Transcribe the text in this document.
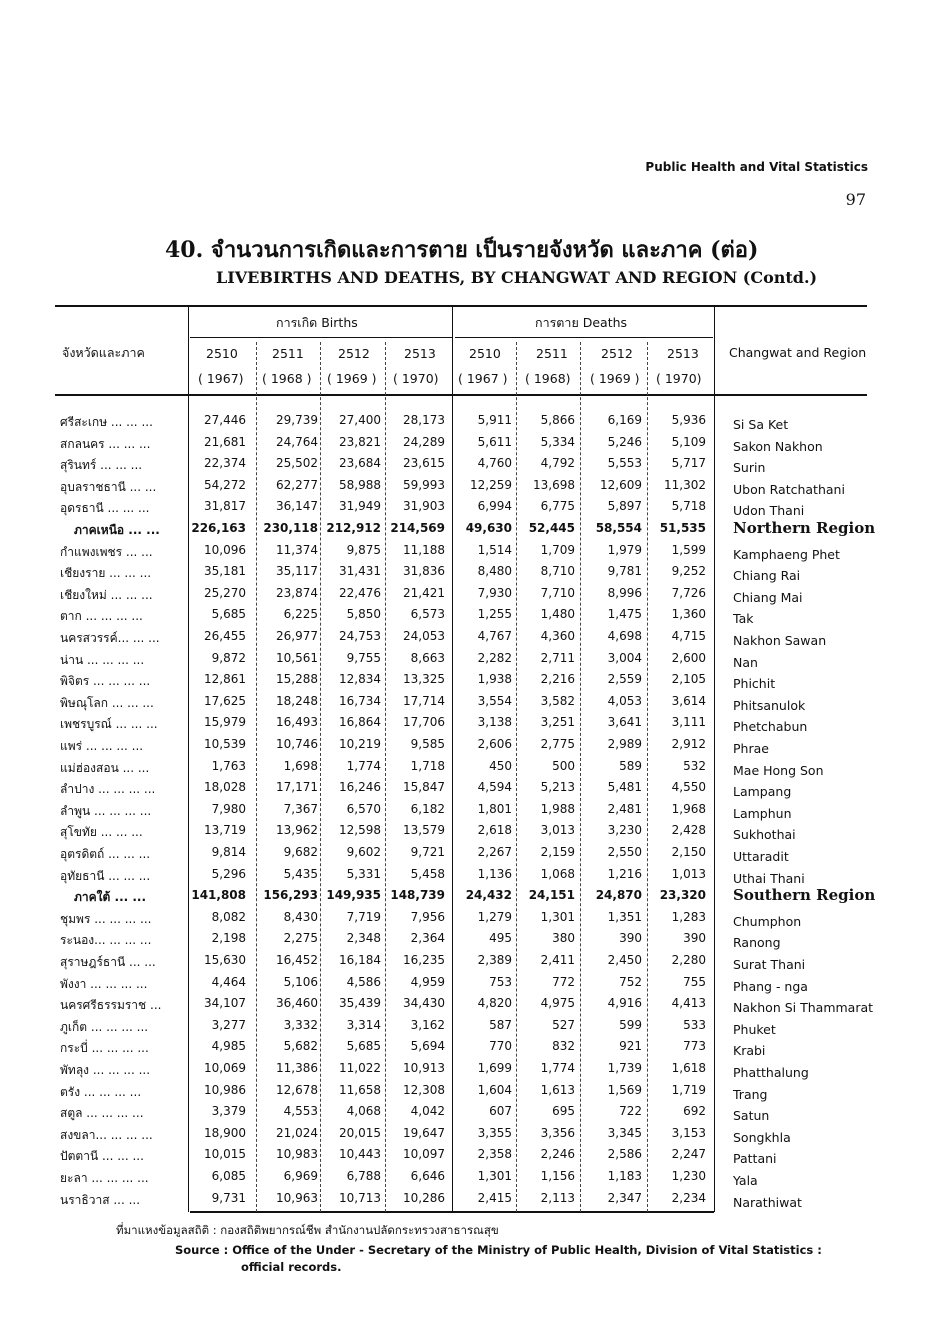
Public Health and Vital Statistics
97
40. จำนวนการเกิดและการตาย เป็นรายจังหวัด และภาค (ต่อ)
LIVEBIRTHS AND DEATHS, BY CHANGWAT AND REGION (Contd.)
จังหวัดและภาค
การเกิด Births	การตาย Deaths
Changwat and Region
2510	2511	2512	2513	2510	2511	2512	2513
( 1967) ( 1968 ) ( 1969 ) ( 1970) ( 1967 ) ( 1968) ( 1969 ) ( 1970)
ศรีสะเกษ ... ... ...	27,446	29,739	27,400	28,173	5,911	5,866	6,169	5,936 Si Sa Ket
สกลนคร ... ... ...	21,681	24,764	23,821	24,289	5,611	5,334	5,246	5,109 Sakon Nakhon
สุรินทร์ ... ... ...	22,374	25,502	23,684	23,615	4,760	4,792	5,553	5,717 Surin
อุบลราชธานี ... ...	54,272	62,277	58,988	59,993	12,259	13,698	12,609	11,302 Ubon Ratchathani
อุดรธานี ... ... ...	31,817	36,147	31,949	31,903	6,994	6,775	5,897	5,718 Udon Thani
ภาคเหนือ ... ...	226,163 230,118 212,912 214,569	49,630	52,445	58,554	51,535 Northern Region
กำแพงเพชร ... ...	10,096	11,374	9,875	11,188	1,514	1,709	1,979	1,599 Kamphaeng Phet
เชียงราย ... ... ...	35,181	35,117	31,431	31,836	8,480	8,710	9,781	9,252 Chiang Rai
เชียงใหม่ ... ... ...	25,270	23,874	22,476	21,421	7,930	7,710	8,996	7,726 Chiang Mai
ตาก ... ... ... ...	5,685	6,225	5,850	6,573	1,255	1,480	1,475	1,360 Tak
นครสวรรค์... ... ...	26,455	26,977	24,753	24,053	4,767	4,360	4,698	4,715 Nakhon Sawan
น่าน ... ... ... ...	9,872	10,561	9,755	8,663	2,282	2,711	3,004	2,600 Nan
พิจิตร ... ... ... ...	12,861	15,288	12,834	13,325	1,938	2,216	2,559	2,105 Phichit
พิษณุโลก ... ... ...	17,625	18,248	16,734	17,714	3,554	3,582	4,053	3,614 Phitsanulok
เพชรบูรณ์ ... ... ...	15,979	16,493	16,864	17,706	3,138	3,251	3,641	3,111 Phetchabun
แพร่ ... ... ... ...	10,539	10,746	10,219	9,585	2,606	2,775	2,989	2,912 Phrae
แม่ฮ่องสอน ... ...	1,763	1,698	1,774	1,718	450	500	589	532 Mae Hong Son
ลำปาง ... ... ... ...	18,028	17,171	16,246	15,847	4,594	5,213	5,481	4,550 Lampang
ลำพูน ... ... ... ...	7,980	7,367	6,570	6,182	1,801	1,988	2,481	1,968 Lamphun
สุโขทัย ... ... ...	13,719	13,962	12,598	13,579	2,618	3,013	3,230	2,428 Sukhothai
อุตรดิตถ์ ... ... ...	9,814	9,682	9,602	9,721	2,267	2,159	2,550	2,150 Uttaradit
อุทัยธานี ... ... ...	5,296	5,435	5,331	5,458	1,136	1,068	1,216	1,013 Uthai Thani
ภาคใต้ ... ...	141,808 156,293 149,935 148,739	24,432	24,151	24,870	23,320 Southern Region
ชุมพร ... ... ... ...	8,082	8,430	7,719	7,956	1,279	1,301	1,351	1,283 Chumphon
ระนอง... ... ... ...	2,198	2,275	2,348	2,364	495	380	390	390 Ranong
สุราษฎร์ธานี ... ...	15,630	16,452	16,184	16,235	2,389	2,411	2,450	2,280 Surat Thani
พังงา ... ... ... ...	4,464	5,106	4,586	4,959	753	772	752	755 Phang - nga
นครศรีธรรมราช ...	34,107	36,460	35,439	34,430	4,820	4,975	4,916	4,413 Nakhon Si Thammarat
ภูเก็ต ... ... ... ...	3,277	3,332	3,314	3,162	587	527	599	533 Phuket
กระบี่ ... ... ... ...	4,985	5,682	5,685	5,694	770	832	921	773 Krabi
พัทลุง ... ... ... ...	10,069	11,386	11,022	10,913	1,699	1,774	1,739	1,618 Phatthalung
ตรัง ... ... ... ...	10,986	12,678	11,658	12,308	1,604	1,613	1,569	1,719 Trang
สตูล ... ... ... ...	3,379	4,553	4,068	4,042	607	695	722	692 Satun
สงขลา... ... ... ...	18,900	21,024	20,015	19,647	3,355	3,356	3,345	3,153 Songkhla
ปัตตานี ... ... ...	10,015	10,983	10,443	10,097	2,358	2,246	2,586	2,247 Pattani
ยะลา ... ... ... ...	6,085	6,969	6,788	6,646	1,301	1,156	1,183	1,230 Yala
นราธิวาส ... ...	9,731	10,963	10,713	10,286	2,415	2,113	2,347	2,234 Narathiwat
ที่มาแหงข้อมูลสถิติ : กองสถิติพยากรณ์ชีพ สำนักงานปลัดกระทรวงสาธารณสุข
Source : Office of the Under - Secretary of the Ministry of Public Health, Division of Vital Statistics :
official records.
